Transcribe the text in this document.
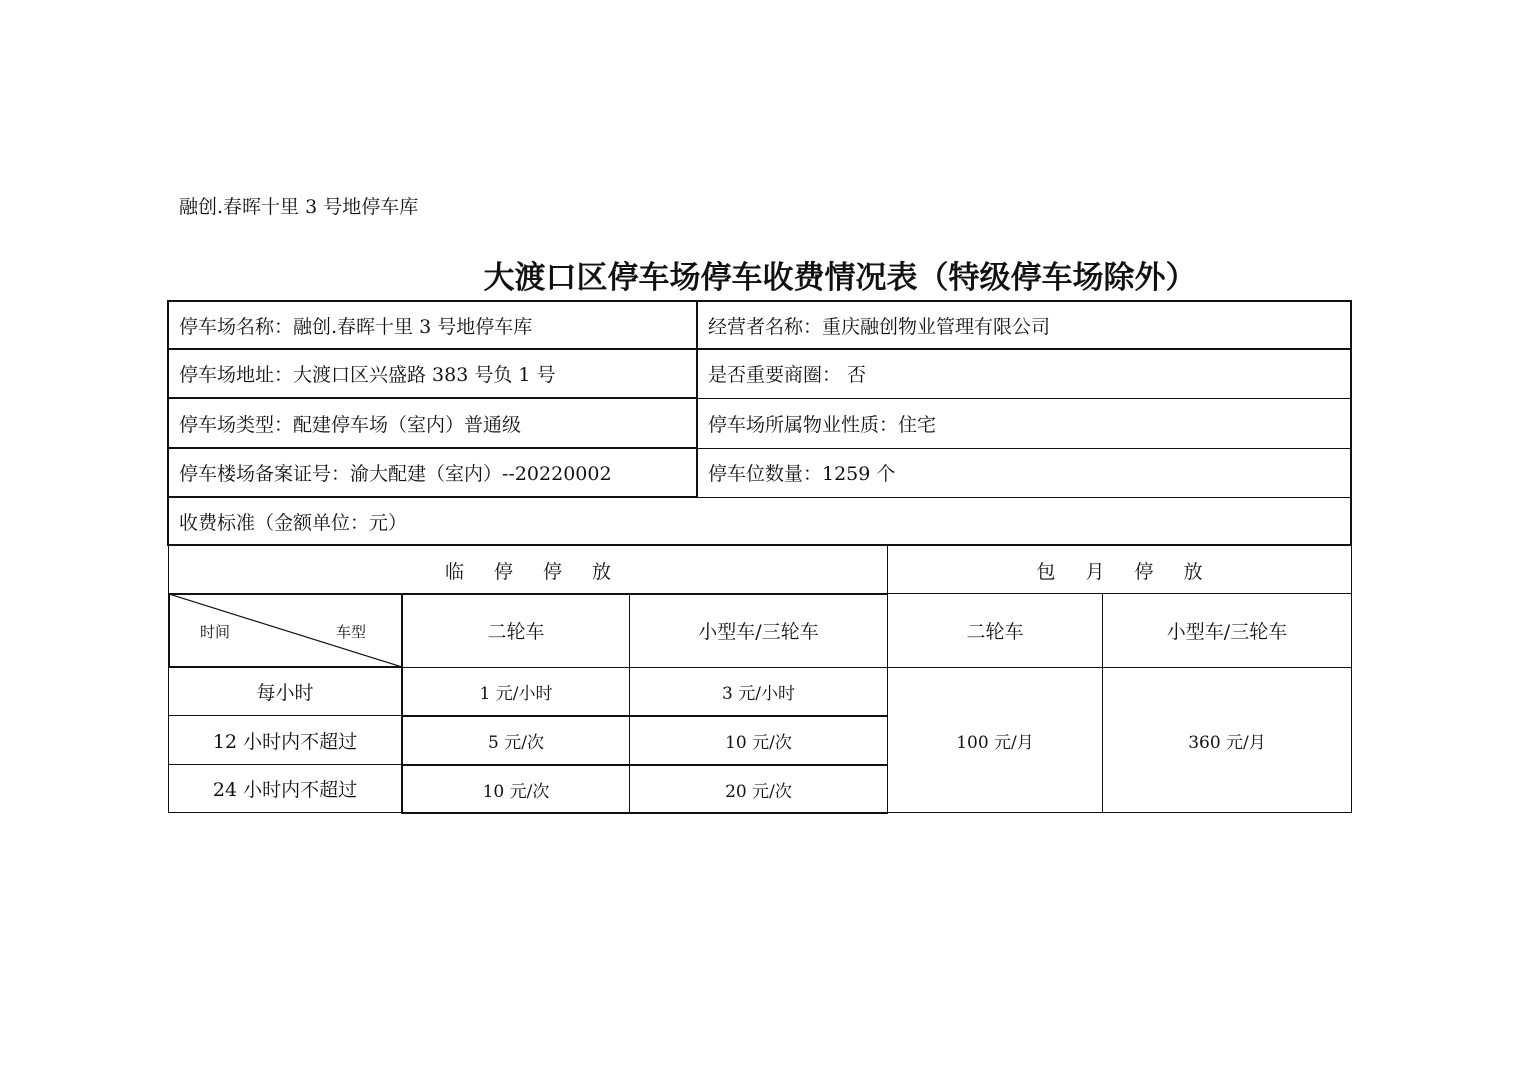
融创.春晖十里 3 号地停车库
大渡口区停车场停车收费情况表（特级停车场除外）
停车场名称：融创.春晖十里 3 号地停车库	经营者名称：重庆融创物业管理有限公司
停车场地址：大渡口区兴盛路 383 号负 1 号	是否重要商圈： 否
停车场类型：配建停车场（室内）普通级	停车场所属物业性质：住宅
停车楼场备案证号：渝大配建（室内）--20220002	停车位数量：1259 个
收费标准（金额单位：元）
临停停放	包月停放
时间	车型	二轮车	小型车/三轮车	二轮车	小型车/三轮车
每小时	1 元/小时	3 元/小时
12 小时内不超过	5 元/次	10 元/次
24 小时内不超过	10 元/次	20 元/次
100 元/月	360 元/月
